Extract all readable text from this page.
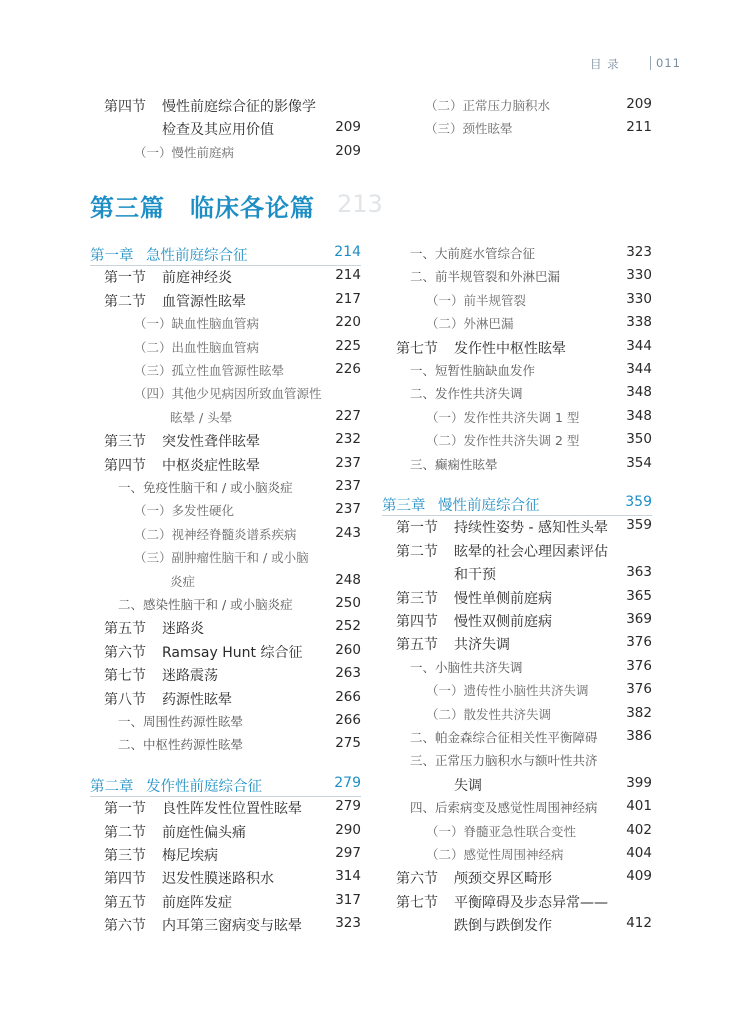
目 录	011
第四节 慢性前庭综合征的影像学
检查及其应用价值	209
（一）慢性前庭病	209
（二）正常压力脑积水	209
（三）颈性眩晕	211
第三篇　临床各论篇 213
第一章 急性前庭综合征	214
第一节 前庭神经炎	214
第二节 血管源性眩晕	217
（一）缺血性脑血管病	220
（二）出血性脑血管病	225
（三）孤立性血管源性眩晕	226
（四）其他少见病因所致血管源性
眩晕 / 头晕	227
第三节 突发性聋伴眩晕	232
第四节 中枢炎症性眩晕	237
一、免疫性脑干和 / 或小脑炎症	237
（一）多发性硬化	237
（二）视神经脊髓炎谱系疾病	243
（三）副肿瘤性脑干和 / 或小脑
炎症	248
二、感染性脑干和 / 或小脑炎症	250
第五节 迷路炎	252
第六节 Ramsay Hunt 综合征 260
第七节 迷路震荡	263
第八节 药源性眩晕	266
一、周围性药源性眩晕	266
二、中枢性药源性眩晕	275
第二章 发作性前庭综合征	279
第一节 良性阵发性位置性眩晕 279
第二节 前庭性偏头痛	290
第三节 梅尼埃病	297
第四节 迟发性膜迷路积水	314
第五节 前庭阵发症	317
第六节 内耳第三窗病变与眩晕 323
一、大前庭水管综合征	323
二、前半规管裂和外淋巴漏	330
（一）前半规管裂	330
（二）外淋巴漏	338
第七节 发作性中枢性眩晕	344
一、短暂性脑缺血发作	344
二、发作性共济失调	348
（一）发作性共济失调 1 型	348
（二）发作性共济失调 2 型	350
三、癫痫性眩晕	354
第三章 慢性前庭综合征	359
第一节 持续性姿势 - 感知性头晕 359
第二节 眩晕的社会心理因素评估
和干预	363
第三节 慢性单侧前庭病	365
第四节 慢性双侧前庭病	369
第五节 共济失调	376
一、小脑性共济失调	376
（一）遗传性小脑性共济失调	376
（二）散发性共济失调	382
二、帕金森综合征相关性平衡障碍 386
三、正常压力脑积水与额叶性共济
失调	399
四、后索病变及感觉性周围神经病 401
（一）脊髓亚急性联合变性	402
（二）感觉性周围神经病	404
第六节 颅颈交界区畸形	409
第七节 平衡障碍及步态异常——
跌倒与跌倒发作	412
